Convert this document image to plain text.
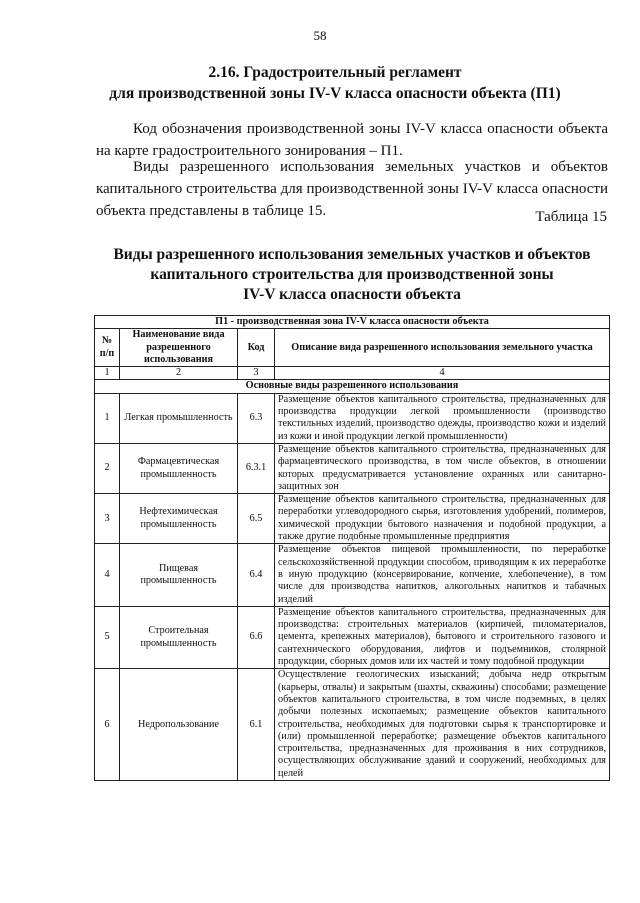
58
2.16. Градостроительный регламент
для производственной зоны IV-V класса опасности объекта (П1)
Код обозначения производственной зоны IV-V класса опасности объекта на карте градостроительного зонирования – П1.
Виды разрешенного использования земельных участков и объектов капитального строительства для производственной зоны IV-V класса опасности объекта представлены в таблице 15.	Таблица 15
Виды разрешенного использования земельных участков и объектов
капитального строительства для производственной зоны
IV-V класса опасности объекта
П1 - производственная зона IV-V класса опасности объекта			
№ п/п	Наименование вида разрешенного использования	Код	Описание вида разрешенного использования земельного участка
1	2	3	4
Основные виды разрешенного использования			
1	Легкая промышленность	6.3	Размещение объектов капитального строительства, предназначенных для производства продукции легкой промышленности (производство текстильных изделий, производство одежды, производство кожи и изделий из кожи и иной продукции легкой промышленности)
2	Фармацевтическая промышленность	6.3.1	Размещение объектов капитального строительства, предназначенных для фармацевтического производства, в том числе объектов, в отношении которых предусматривается установление охранных или санитарно-защитных зон
3	Нефтехимическая промышленность	6.5	Размещение объектов капитального строительства, предназначенных для переработки углеводородного сырья, изготовления удобрений, полимеров, химической продукции бытового назначения и подобной продукции, а также другие подобные промышленные предприятия
4	Пищевая промышленность	6.4	Размещение объектов пищевой промышленности, по переработке сельскохозяйственной продукции способом, приводящим к их переработке в иную продукцию (консервирование, копчение, хлебопечение), в том числе для производства напитков, алкогольных напитков и табачных изделий
5	Строительная промышленность	6.6	Размещение объектов капитального строительства, предназначенных для производства: строительных материалов (кирпичей, пиломатериалов, цемента, крепежных материалов), бытового и строительного газового и сантехнического оборудования, лифтов и подъемников, столярной продукции, сборных домов или их частей и тому подобной продукции
6	Недропользование	6.1	Осуществление геологических изысканий; добыча недр открытым (карьеры, отвалы) и закрытым (шахты, скважины) способами; размещение объектов капитального строительства, в том числе подземных, в целях добычи полезных ископаемых; размещение объектов капитального строительства, необходимых для подготовки сырья к транспортировке и (или) промышленной переработке; размещение объектов капитального строительства, предназначенных для проживания в них сотрудников, осуществляющих обслуживание зданий и сооружений, необходимых для целей
